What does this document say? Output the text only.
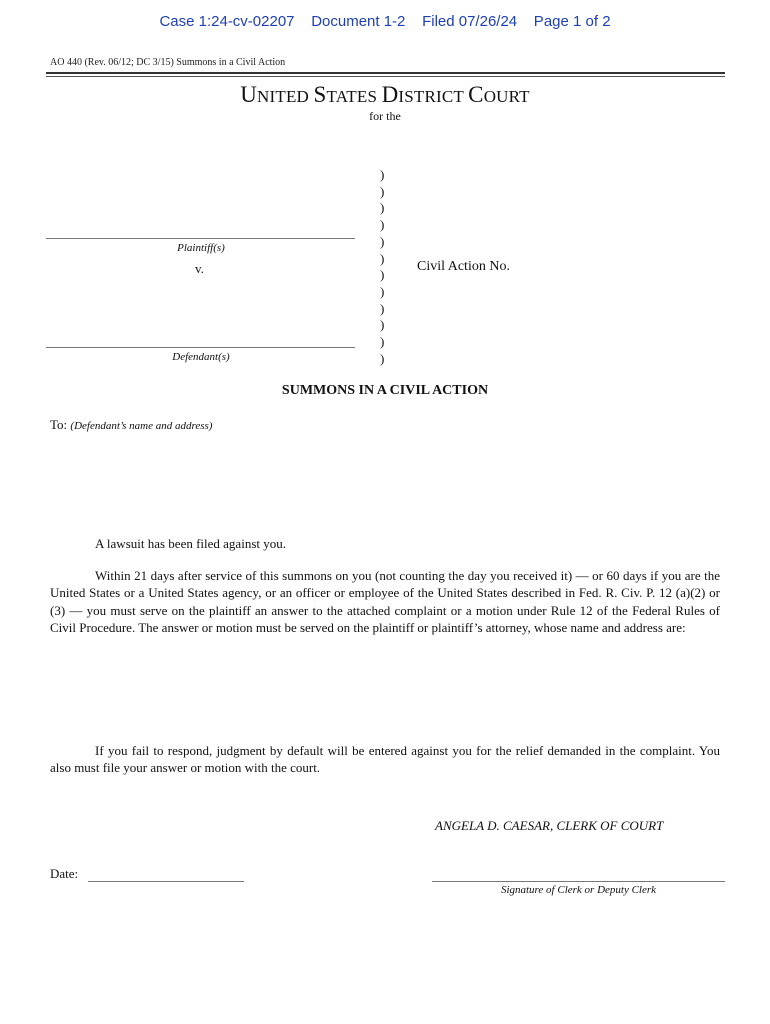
Case 1:24-cv-02207    Document 1-2    Filed 07/26/24    Page 1 of 2
AO 440 (Rev. 06/12; DC 3/15) Summons in a Civil Action
UNITED STATES DISTRICT COURT
for the
Plaintiff(s)
v.
Defendant(s)
)
)
)
)
)
)
)
)
)
)
)
)
Civil Action No.
SUMMONS IN A CIVIL ACTION
To: (Defendant’s name and address)
A lawsuit has been filed against you.
Within 21 days after service of this summons on you (not counting the day you received it) — or 60 days if you are the United States or a United States agency, or an officer or employee of the United States described in Fed. R. Civ. P. 12 (a)(2) or (3) — you must serve on the plaintiff an answer to the attached complaint or a motion under Rule 12 of the Federal Rules of Civil Procedure. The answer or motion must be served on the plaintiff or plaintiff’s attorney, whose name and address are:
If you fail to respond, judgment by default will be entered against you for the relief demanded in the complaint. You also must file your answer or motion with the court.
ANGELA D. CAESAR, CLERK OF COURT
Date:
Signature of Clerk or Deputy Clerk
